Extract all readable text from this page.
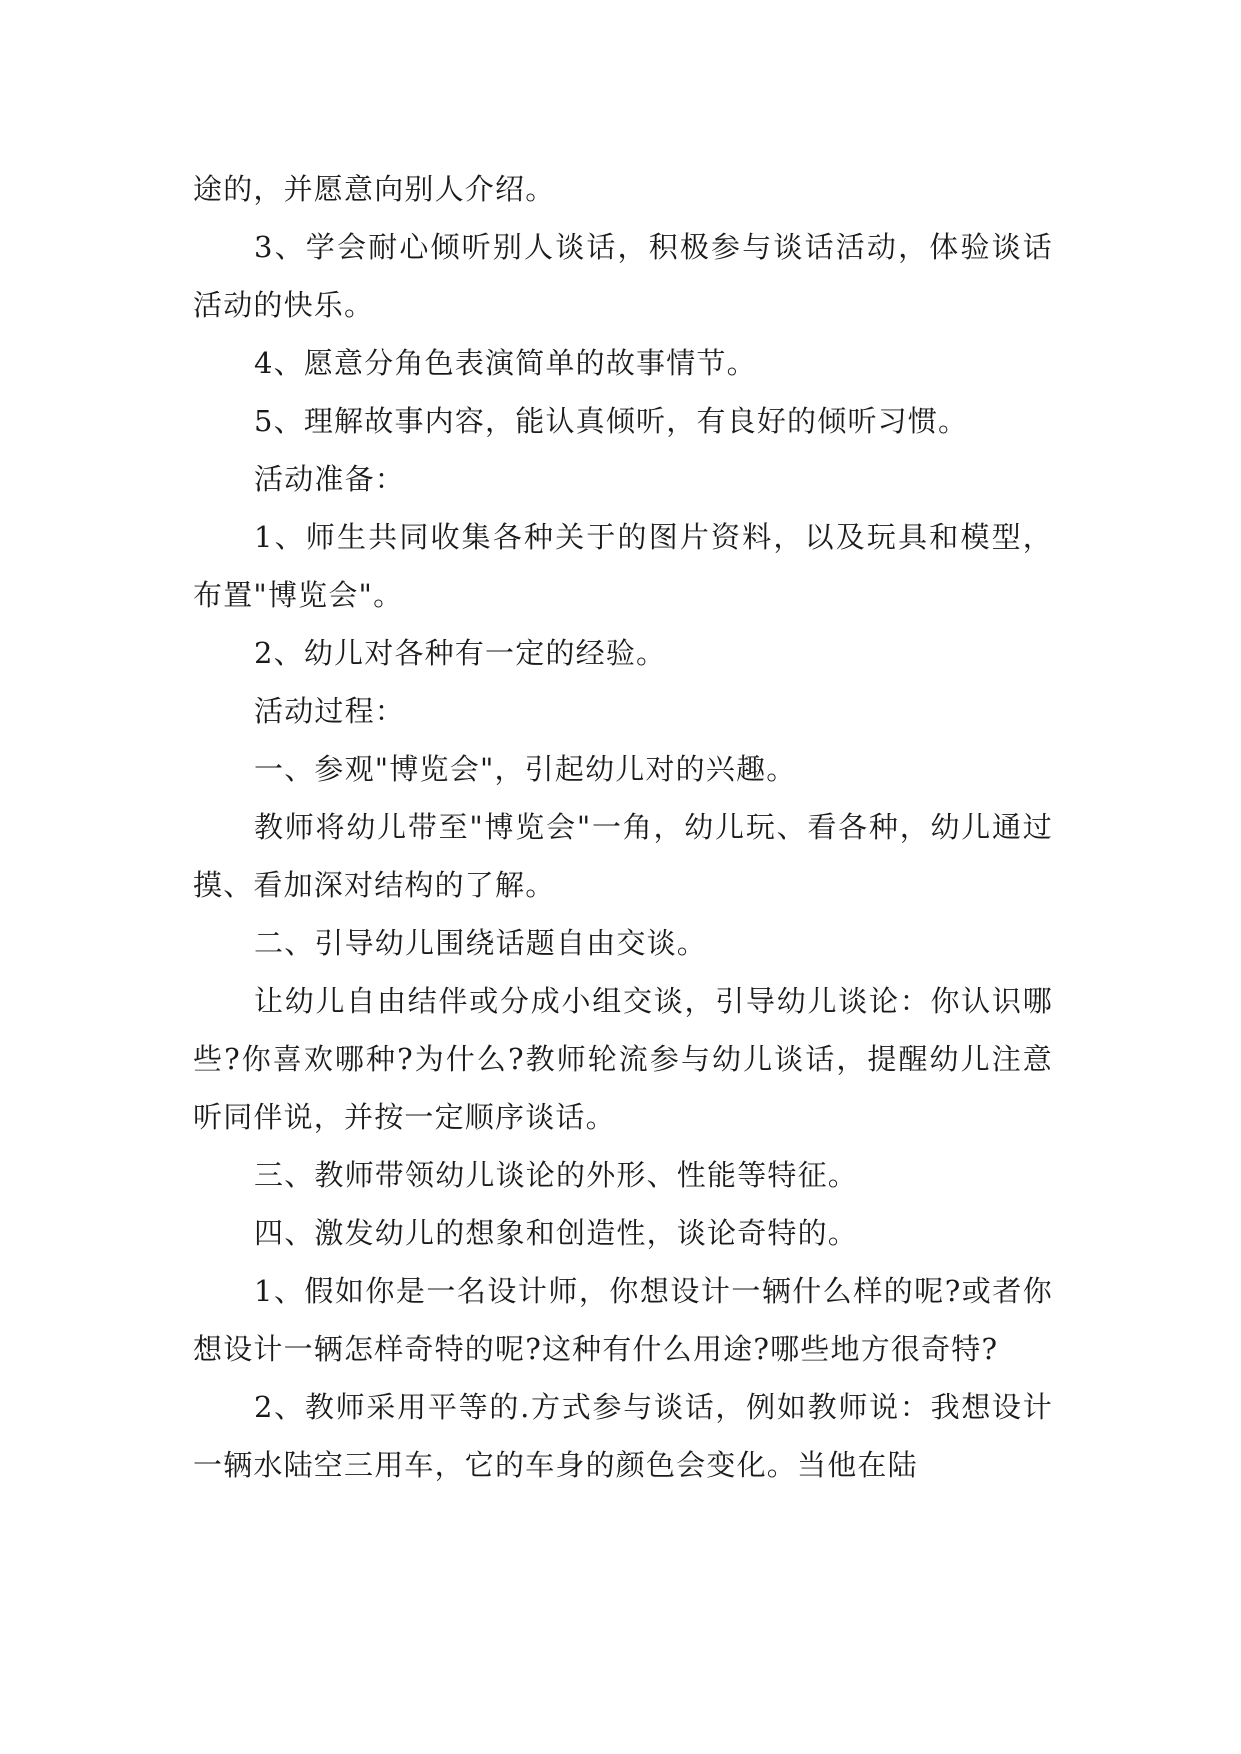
途的，并愿意向别人介绍。

3、学会耐心倾听别人谈话，积极参与谈话活动，体验谈话活动的快乐。

4、愿意分角色表演简单的故事情节。

5、理解故事内容，能认真倾听，有良好的倾听习惯。

活动准备：

1、师生共同收集各种关于的图片资料，以及玩具和模型，布置"博览会"。

2、幼儿对各种有一定的经验。

活动过程：

一、参观"博览会"，引起幼儿对的兴趣。

教师将幼儿带至"博览会"一角，幼儿玩、看各种，幼儿通过摸、看加深对结构的了解。

二、引导幼儿围绕话题自由交谈。

让幼儿自由结伴或分成小组交谈，引导幼儿谈论：你认识哪些?你喜欢哪种?为什么?教师轮流参与幼儿谈话，提醒幼儿注意听同伴说，并按一定顺序谈话。

三、教师带领幼儿谈论的外形、性能等特征。

四、激发幼儿的想象和创造性，谈论奇特的。

1、假如你是一名设计师，你想设计一辆什么样的呢?或者你想设计一辆怎样奇特的呢?这种有什么用途?哪些地方很奇特?

2、教师采用平等的.方式参与谈话，例如教师说：我想设计一辆水陆空三用车，它的车身的颜色会变化。当他在陆
